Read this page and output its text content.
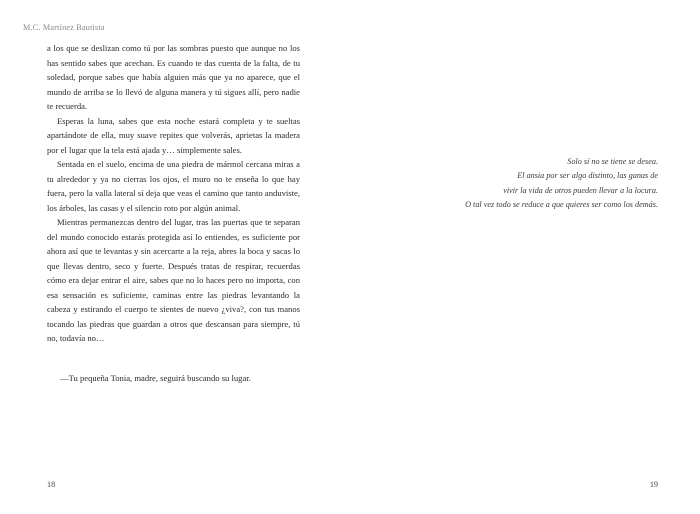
M.C. Martínez Bautista

a los que se deslizan como tú por las sombras puesto que aunque no los has sentido sabes que acechan. Es cuando te das cuenta de la falta, de tu soledad, porque sabes que había alguien más que ya no aparece, que el mundo de arriba se lo llevó de alguna manera y tú sigues allí, pero nadie te recuerda.

Esperas la luna, sabes que esta noche estará completa y te sueltas apartándote de ella, muy suave repites que volverás, aprietas la madera por el lugar que la tela está ajada y… simplemente sales.

Sentada en el suelo, encima de una piedra de mármol cercana miras a tu alrededor y ya no cierras los ojos, el muro no te enseña lo que hay fuera, pero la valla lateral sí deja que veas el camino que tanto anduviste, los árboles, las casas y el silencio roto por algún animal.

Mientras permanezcas dentro del lugar, tras las puertas que te separan del mundo conocido estarás protegida así lo entiendes, es suficiente por ahora así que te levantas y sin acercarte a la reja, abres la boca y sacas lo que llevas dentro, seco y fuerte. Después tratas de respirar, recuerdas cómo era dejar entrar el aire, sabes que no lo haces pero no importa, con esa sensación es suficiente, caminas entre las piedras levantando la cabeza y estirando el cuerpo te sientes de nuevo ¿viva?, con tus manos tocando las piedras que guardan a otros que descansan para siempre, tú no, todavía no…

—Tu pequeña Tonia, madre, seguirá buscando su lugar.
18
Solo sí no se tiene se desea.
El ansia por ser algo distinto, las ganas de
vivir la vida de otros pueden llevar a la locura.
O tal vez todo se reduce a que quieres ser como los demás.
19
